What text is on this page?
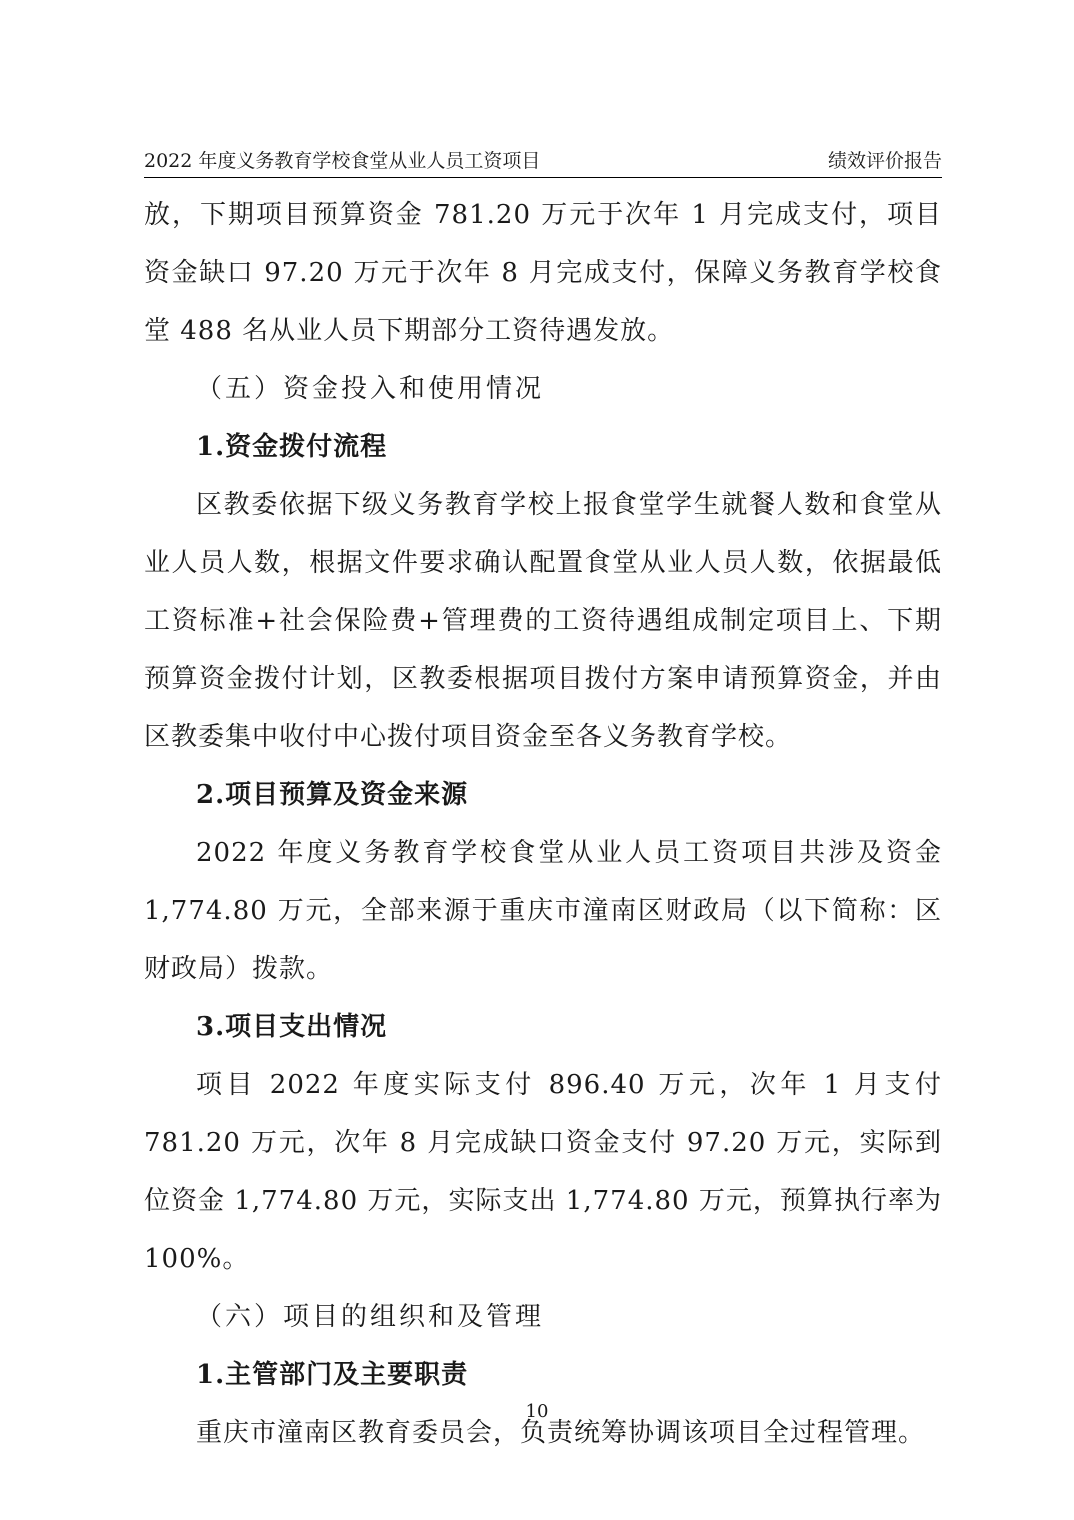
2022 年度义务教育学校食堂从业人员工资项目	绩效评价报告

放，下期项目预算资金 781.20 万元于次年 1 月完成支付，项目资金缺口 97.20 万元于次年 8 月完成支付，保障义务教育学校食堂 488 名从业人员下期部分工资待遇发放。

（五）资金投入和使用情况

1.资金拨付流程

区教委依据下级义务教育学校上报食堂学生就餐人数和食堂从业人员人数，根据文件要求确认配置食堂从业人员人数，依据最低工资标准+社会保险费+管理费的工资待遇组成制定项目上、下期预算资金拨付计划，区教委根据项目拨付方案申请预算资金，并由区教委集中收付中心拨付项目资金至各义务教育学校。

2.项目预算及资金来源

2022 年度义务教育学校食堂从业人员工资项目共涉及资金 1,774.80 万元，全部来源于重庆市潼南区财政局（以下简称：区财政局）拨款。

3.项目支出情况

项目 2022 年度实际支付 896.40 万元，次年 1 月支付 781.20 万元，次年 8 月完成缺口资金支付 97.20 万元，实际到位资金 1,774.80 万元，实际支出 1,774.80 万元，预算执行率为 100%。

（六）项目的组织和及管理

1.主管部门及主要职责

重庆市潼南区教育委员会，负责统筹协调该项目全过程管理。

10
